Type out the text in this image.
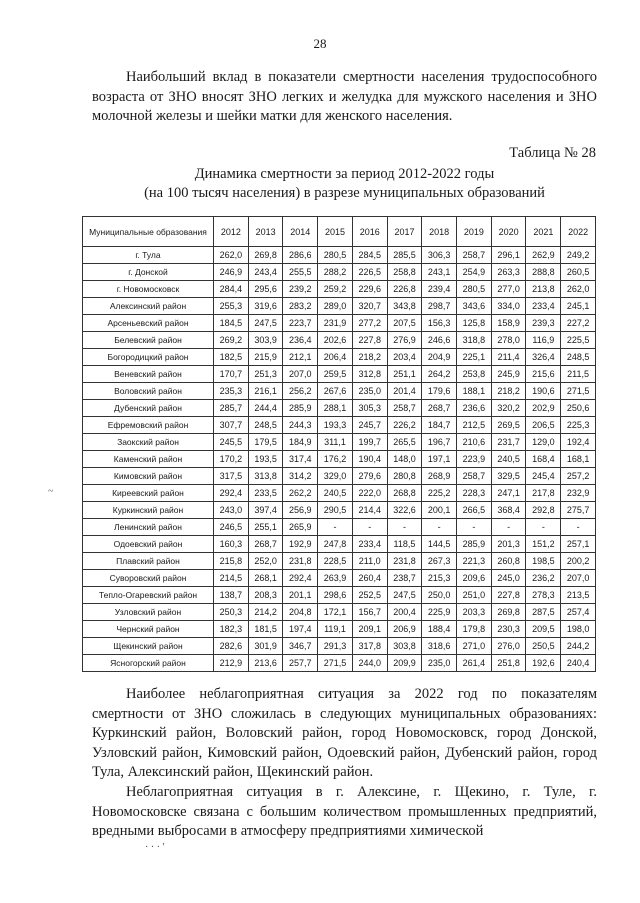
28
Наибольший вклад в показатели смертности населения трудоспособного возраста от ЗНО вносят ЗНО легких и желудка для мужского населения и ЗНО молочной железы и шейки матки для женского населения.
Таблица № 28
Динамика смертности за период 2012-2022 годы
(на 100 тысяч населения) в разрезе муниципальных образований
Муниципальные образования	2012	2013	2014	2015	2016	2017	2018	2019	2020	2021	2022
г. Тула	262,0	269,8	286,6	280,5	284,5	285,5	306,3	258,7	296,1	262,9	249,2
г. Донской	246,9	243,4	255,5	288,2	226,5	258,8	243,1	254,9	263,3	288,8	260,5
г. Новомосковск	284,4	295,6	239,2	259,2	229,6	226,8	239,4	280,5	277,0	213,8	262,0
Алексинский район	255,3	319,6	283,2	289,0	320,7	343,8	298,7	343,6	334,0	233,4	245,1
Арсеньевский район	184,5	247,5	223,7	231,9	277,2	207,5	156,3	125,8	158,9	239,3	227,2
Белевский район	269,2	303,9	236,4	202,6	227,8	276,9	246,6	318,8	278,0	116,9	225,5
Богородицкий район	182,5	215,9	212,1	206,4	218,2	203,4	204,9	225,1	211,4	326,4	248,5
Веневский район	170,7	251,3	207,0	259,5	312,8	251,1	264,2	253,8	245,9	215,6	211,5
Воловский район	235,3	216,1	256,2	267,6	235,0	201,4	179,6	188,1	218,2	190,6	271,5
Дубенский район	285,7	244,4	285,9	288,1	305,3	258,7	268,7	236,6	320,2	202,9	250,6
Ефремовский район	307,7	248,5	244,3	193,3	245,7	226,2	184,7	212,5	269,5	206,5	225,3
Заокский район	245,5	179,5	184,9	311,1	199,7	265,5	196,7	210,6	231,7	129,0	192,4
Каменский район	170,2	193,5	317,4	176,2	190,4	148,0	197,1	223,9	240,5	168,4	168,1
Кимовский район	317,5	313,8	314,2	329,0	279,6	280,8	268,9	258,7	329,5	245,4	257,2
Киреевский район	292,4	233,5	262,2	240,5	222,0	268,8	225,2	228,3	247,1	217,8	232,9
Куркинский район	243,0	397,4	256,9	290,5	214,4	322,6	200,1	266,5	368,4	292,8	275,7
Ленинский район	246,5	255,1	265,9	-	-	-	-	-	-	-	-
Одоевский район	160,3	268,7	192,9	247,8	233,4	118,5	144,5	285,9	201,3	151,2	257,1
Плавский район	215,8	252,0	231,8	228,5	211,0	231,8	267,3	221,3	260,8	198,5	200,2
Суворовский район	214,5	268,1	292,4	263,9	260,4	238,7	215,3	209,6	245,0	236,2	207,0
Тепло-Огаревский район	138,7	208,3	201,1	298,6	252,5	247,5	250,0	251,0	227,8	278,3	213,5
Узловский район	250,3	214,2	204,8	172,1	156,7	200,4	225,9	203,3	269,8	287,5	257,4
Чернский район	182,3	181,5	197,4	119,1	209,1	206,9	188,4	179,8	230,3	209,5	198,0
Щекинский район	282,6	301,9	346,7	291,3	317,8	303,8	318,6	271,0	276,0	250,5	244,2
Ясногорский район	212,9	213,6	257,7	271,5	244,0	209,9	235,0	261,4	251,8	192,6	240,4
Наиболее неблагоприятная ситуация за 2022 год по показателям смертности от ЗНО сложилась в следующих муниципальных образованиях: Куркинский район, Воловский район, город Новомосковск, город Донской, Узловский район, Кимовский район, Одоевский район, Дубенский район, город Тула, Алексинский район, Щекинский район.
Неблагоприятная ситуация в г. Алексине, г. Щекино, г. Туле, г. Новомосковске связана с большим количеством промышленных предприятий, вредными выбросами в атмосферу предприятиями химической
~
· · · '
